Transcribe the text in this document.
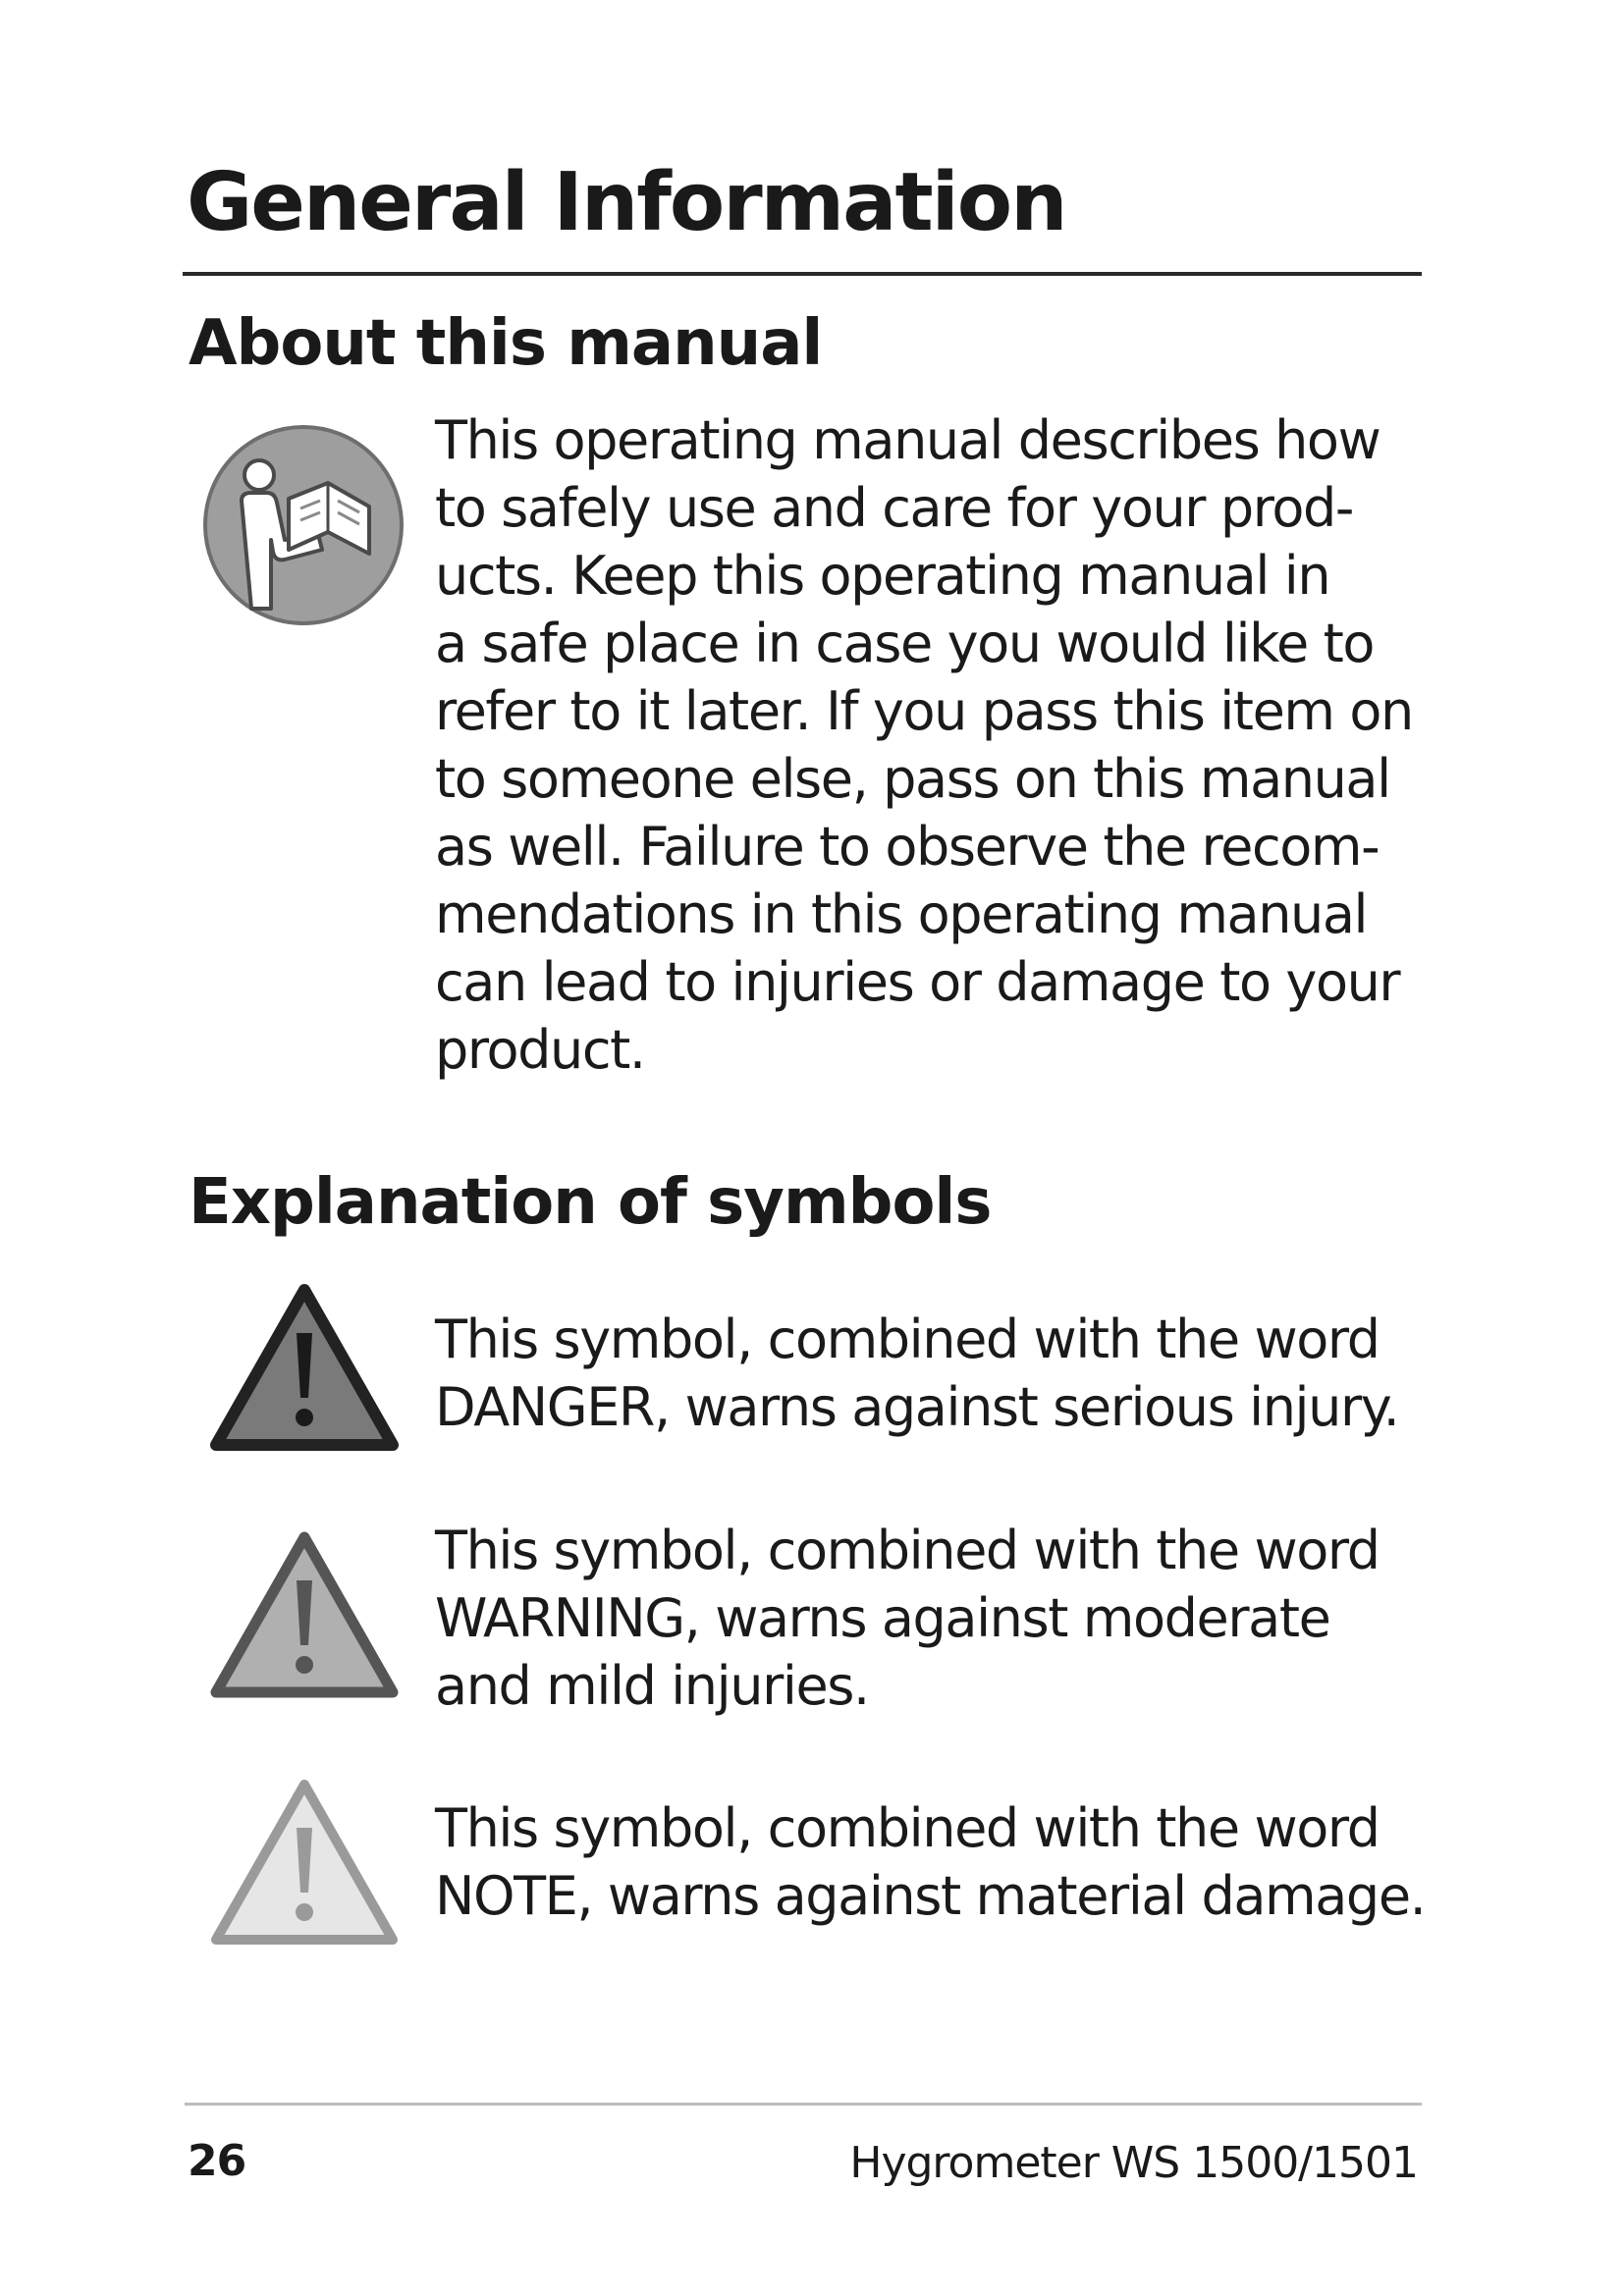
General Information
About this manual

This operating manual describes how
to safely use and care for your prod-
ucts. Keep this operating manual in
a safe place in case you would like to
refer to it later. If you pass this item on
to someone else, pass on this manual
as well. Failure to observe the recom-
mendations in this operating manual
can lead to injuries or damage to your
product.

Explanation of symbols

This symbol, combined with the word
DANGER, warns against serious injury.

This symbol, combined with the word
WARNING, warns against moderate
and mild injuries.

This symbol, combined with the word
NOTE, warns against material damage.

26	Hygrometer WS 1500/1501
